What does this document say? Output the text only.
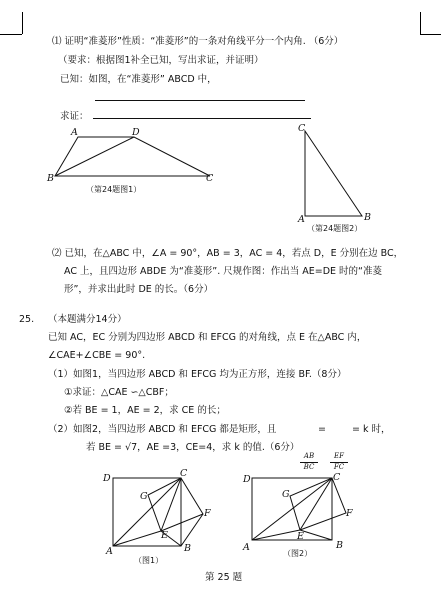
⑴ 证明“准菱形”性质：“准菱形”的一条对角线平分一个内角. （6分）
（要求：根据图1补全已知，写出求证，并证明）
已知：如图，在“准菱形” ABCD 中，
求证：
A	D
B	C
（第24题图1）
C
A	B
（第24题图2）
⑵ 已知，在△ABC 中，∠A = 90°，AB = 3，AC = 4，若点 D，E 分别在边 BC，
AC 上，且四边形 ABDE 为“准菱形”. 尺规作图：作出当 AE=DE 时的“准菱
形”，并求出此时 DE 的长。（6分）
25. （本题满分14分）
已知 AC，EC 分别为四边形 ABCD 和 EFCG 的对角线，点 E 在△ABC 内，
∠CAE+∠CBE = 90°.
（1）如图1，当四边形 ABCD 和 EFCG 均为正方形，连接 BF.（8分）
①求证：△CAE ∽△CBF；
②若 BE = 1，AE = 2，求 CE 的长；
（2）如图2，当四边形 ABCD 和 EFCG 都是矩形，且	=	= k 时，
AB
BC
EF
FC
若 BE = √7，AE =3，CE=4，求 k 的值.（6分）
D	C
G
F
E
A	B
（图1）
D	C
G
F
E
A	B
（图2）
第 25 题
